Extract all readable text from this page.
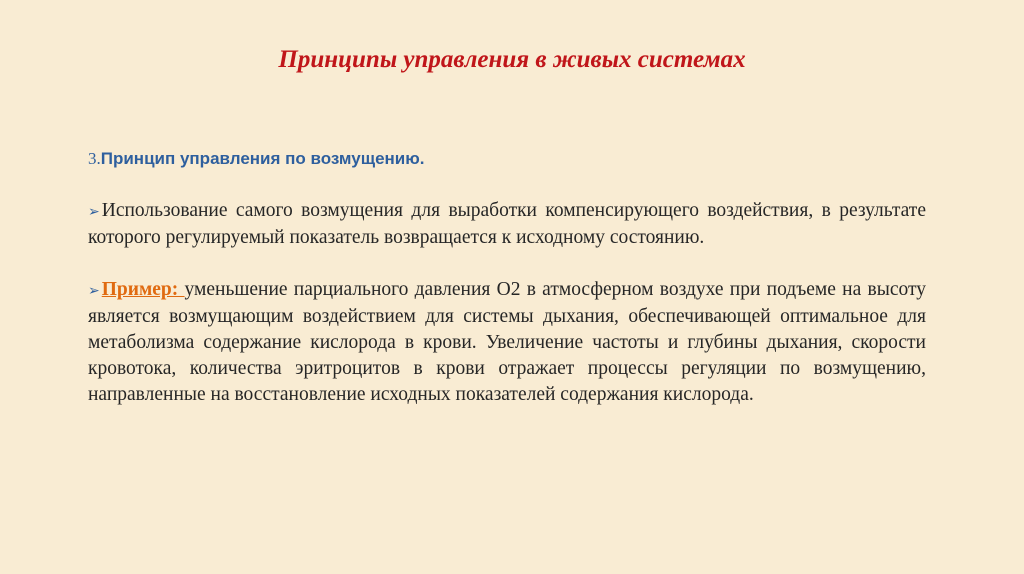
Принципы управления в живых системах
3.Принцип управления по возмущению.
➢ Использование самого возмущения для выработки компенсирующего воздействия, в результате которого регулируемый показатель возвращается к исходному состоянию.
➢ Пример: уменьшение парциального давления О2 в атмосферном воздухе при подъеме на высоту является возмущающим воздействием для системы дыхания, обеспечивающей оптимальное для метаболизма содержание кислорода в крови. Увеличение частоты и глубины дыхания, скорости кровотока, количества эритроцитов в крови отражает процессы регуляции по возмущению, направленные на восстановление исходных показателей содержания кислорода.
